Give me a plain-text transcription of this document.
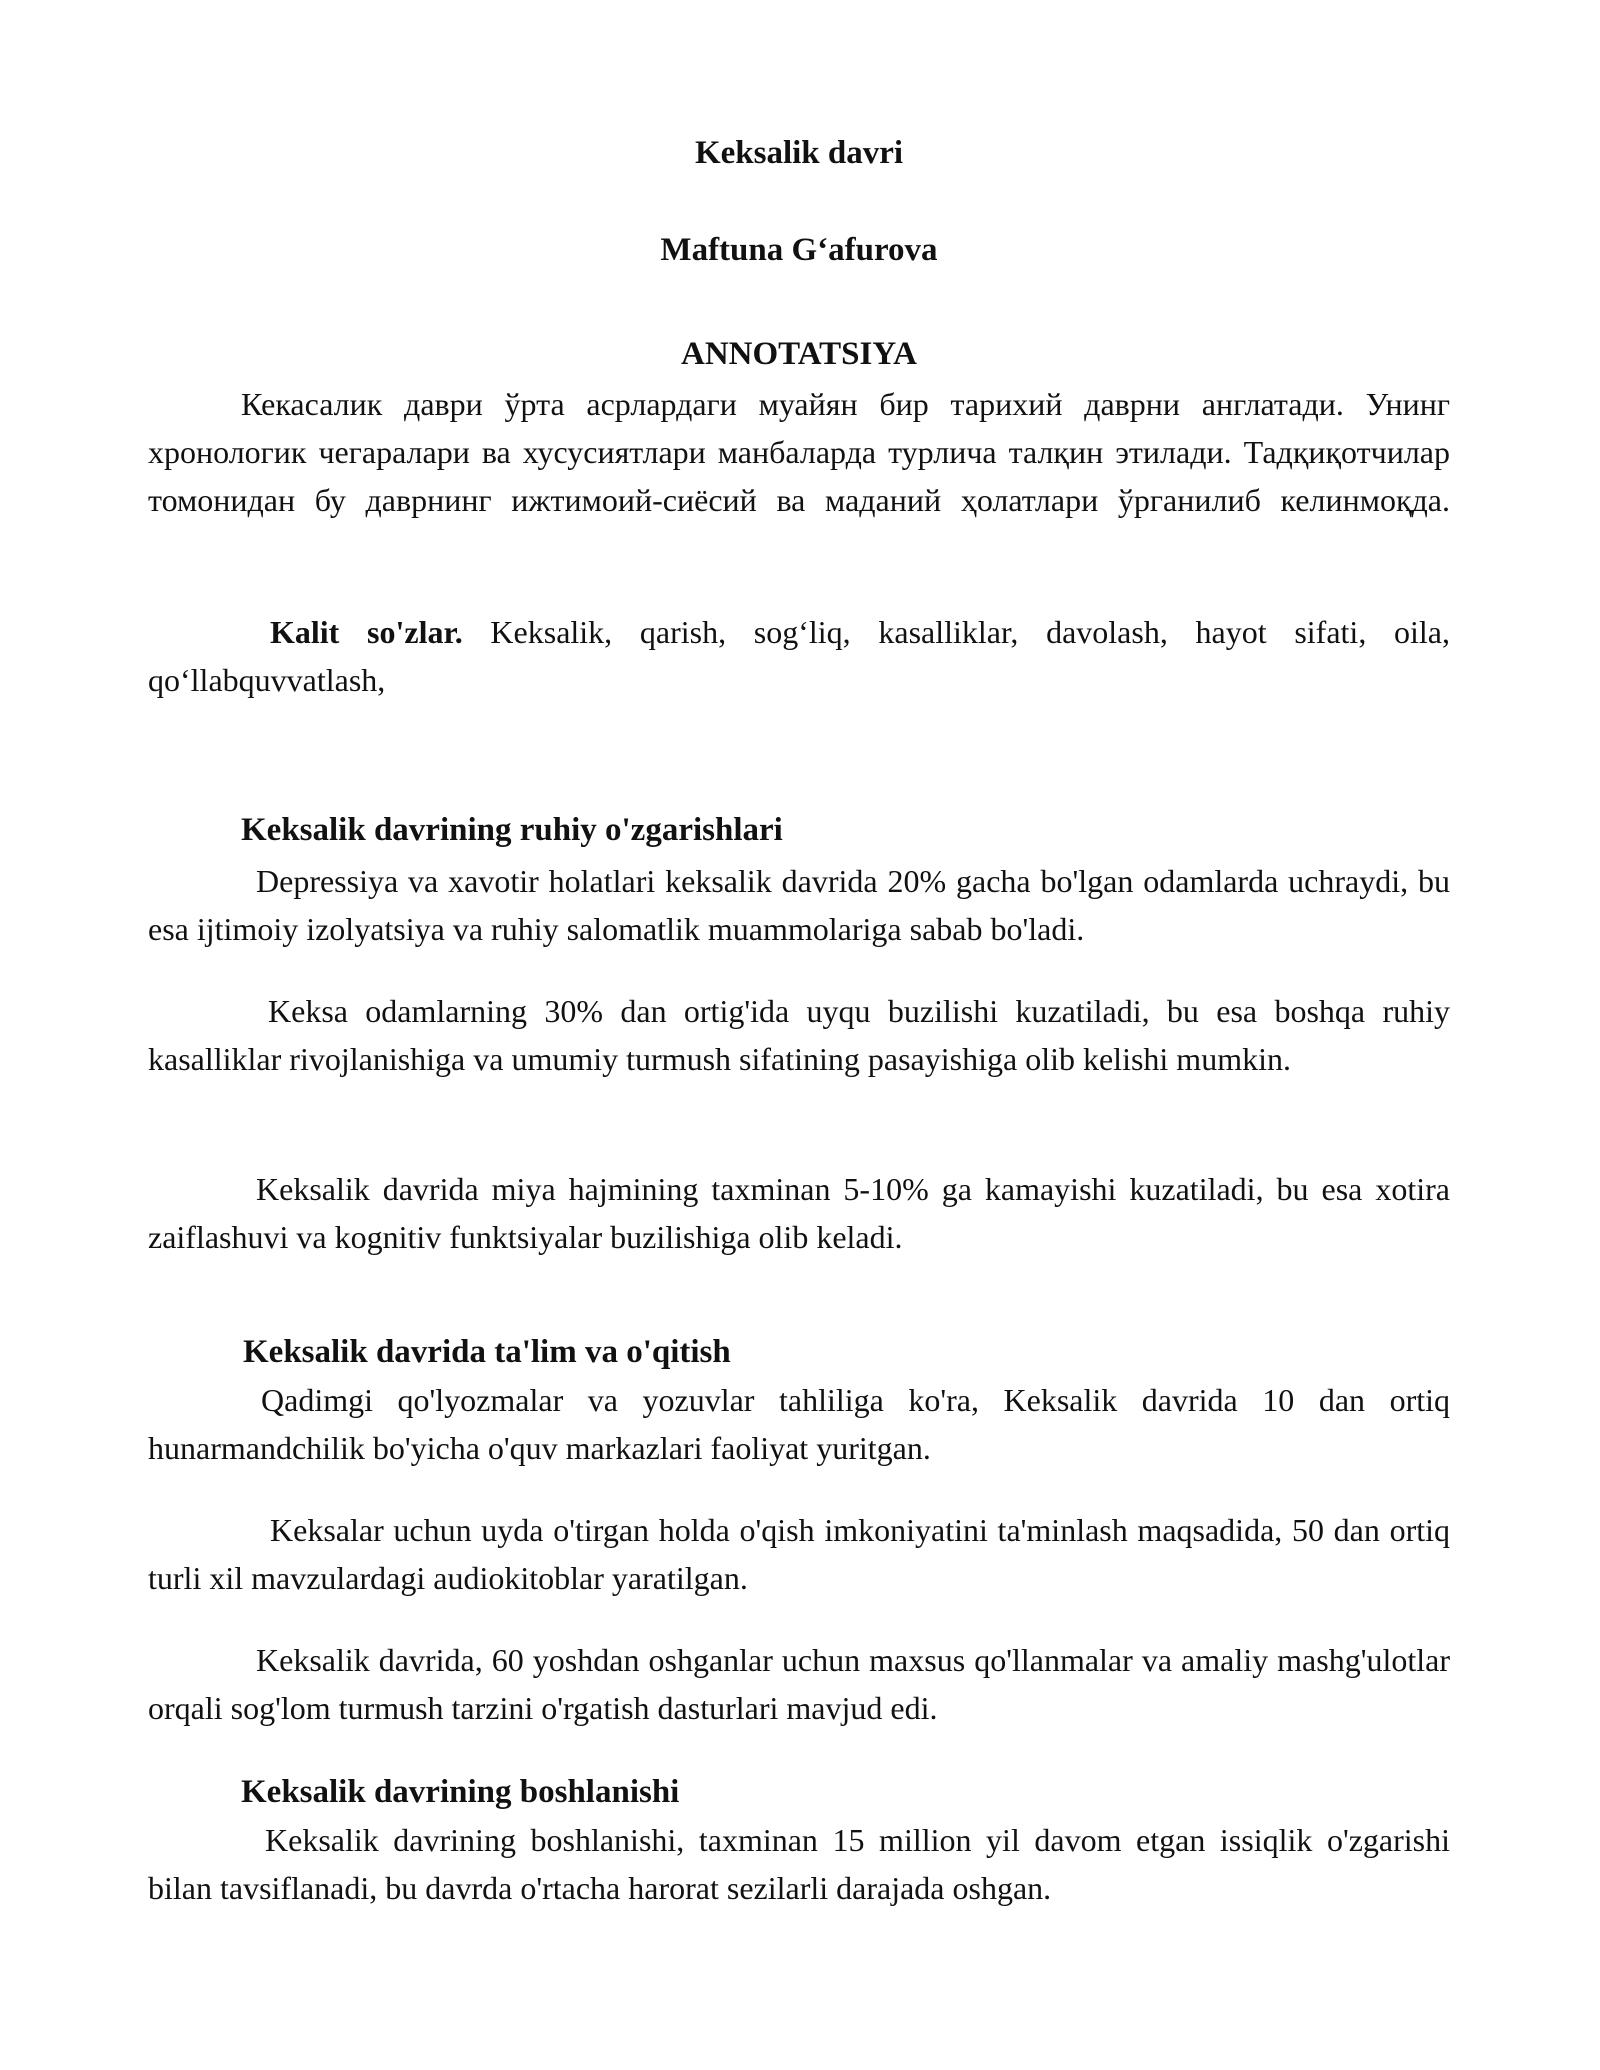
Keksalik davri
Maftuna G‘afurova
ANNOTATSIYA

Кекасалик даври ўрта асрлардаги муайян бир тарихий даврни англатади. Унинг хронологик чегаралари ва хусусиятлари манбаларда турлича талқин этилади. Тадқиқотчилар томонидан бу даврнинг ижтимоий-сиёсий ва маданий ҳолатлари ўрганилиб келинмоқда.

Kalit so'zlar. Keksalik, qarish, sog‘liq, kasalliklar, davolash, hayot sifati, oila, qo‘llabquvvatlash,

Keksalik davrining ruhiy o'zgarishlari

Depressiya va xavotir holatlari keksalik davrida 20% gacha bo'lgan odamlarda uchraydi, bu esa ijtimoiy izolyatsiya va ruhiy salomatlik muammolariga sabab bo'ladi.

Keksa odamlarning 30% dan ortig'ida uyqu buzilishi kuzatiladi, bu esa boshqa ruhiy kasalliklar rivojlanishiga va umumiy turmush sifatining pasayishiga olib kelishi mumkin.

Keksalik davrida miya hajmining taxminan 5-10% ga kamayishi kuzatiladi, bu esa xotira zaiflashuvi va kognitiv funktsiyalar buzilishiga olib keladi.

Keksalik davrida ta'lim va o'qitish

Qadimgi qo'lyozmalar va yozuvlar tahliliga ko'ra, Keksalik davrida 10 dan ortiq hunarmandchilik bo'yicha o'quv markazlari faoliyat yuritgan.

Keksalar uchun uyda o'tirgan holda o'qish imkoniyatini ta'minlash maqsadida, 50 dan ortiq turli xil mavzulardagi audiokitoblar yaratilgan.

Keksalik davrida, 60 yoshdan oshganlar uchun maxsus qo'llanmalar va amaliy mashg'ulotlar orqali sog'lom turmush tarzini o'rgatish dasturlari mavjud edi.

Keksalik davrining boshlanishi

Keksalik davrining boshlanishi, taxminan 15 million yil davom etgan issiqlik o'zgarishi bilan tavsiflanadi, bu davrda o'rtacha harorat sezilarli darajada oshgan.
